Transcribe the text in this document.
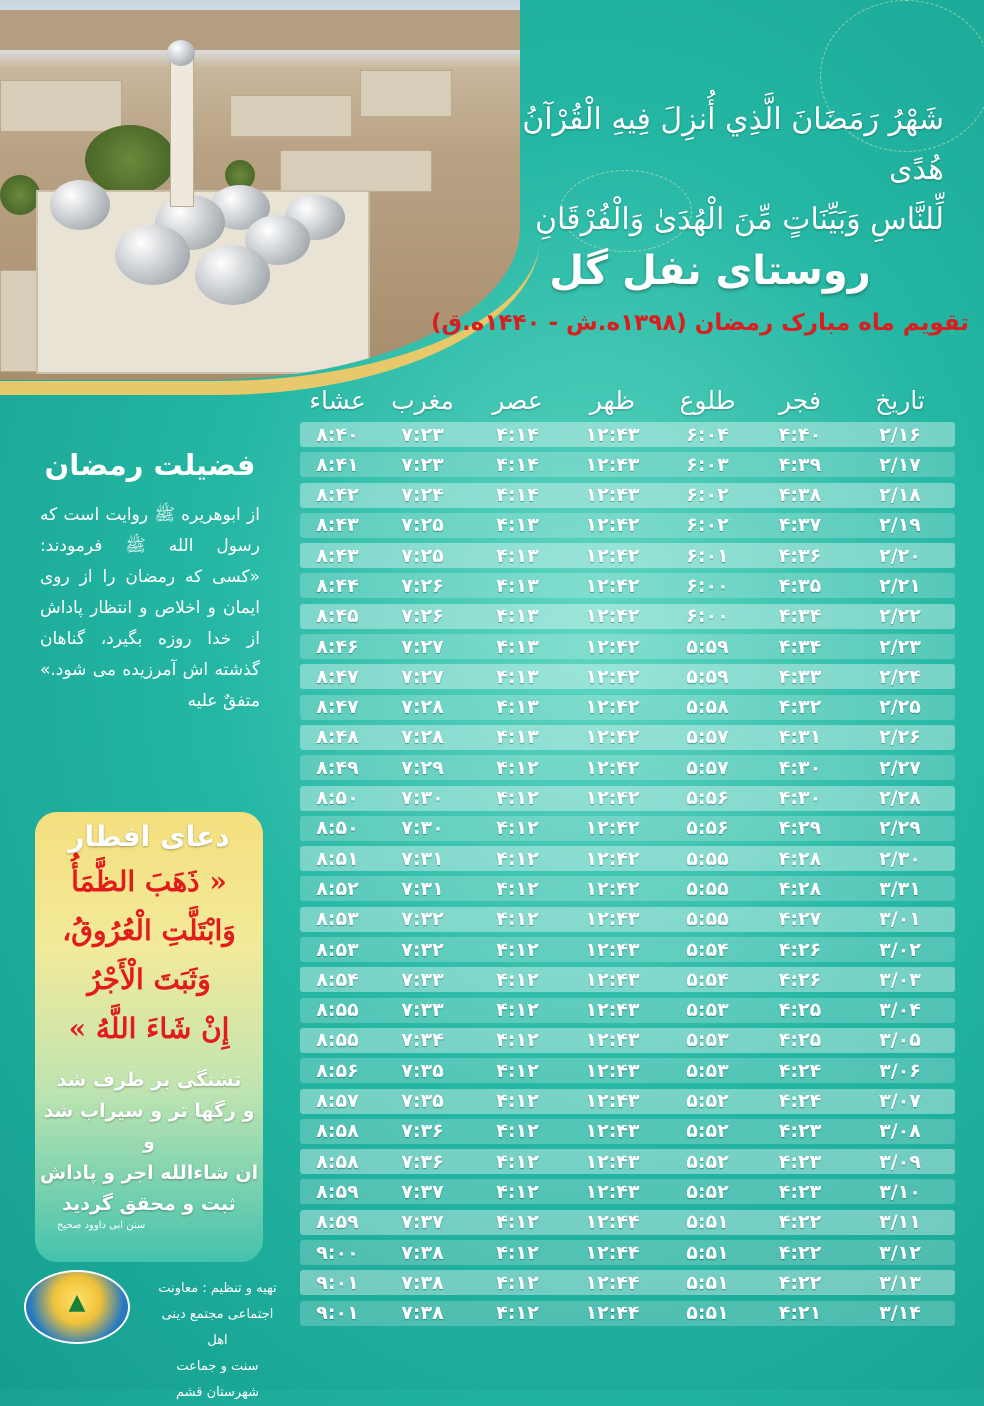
شَهْرُ رَمَضَانَ الَّذِي أُنزِلَ فِيهِ الْقُرْآنُ هُدًى
لِّلنَّاسِ وَبَيِّنَاتٍ مِّنَ الْهُدَىٰ وَالْفُرْقَانِ
روستای نفل گل
تقویم ماه مبارک رمضان (۱۳۹۸ه.ش - ۱۴۴۰ه.ق)
تاریخ
فجر
طلوع
ظهر
عصر
مغرب
عشاء
۲/۱۶
۴:۴۰
۶:۰۴
۱۲:۴۳
۴:۱۴
۷:۲۳
۸:۴۰
۲/۱۷
۴:۳۹
۶:۰۳
۱۲:۴۳
۴:۱۴
۷:۲۳
۸:۴۱
۲/۱۸
۴:۳۸
۶:۰۲
۱۲:۴۳
۴:۱۴
۷:۲۴
۸:۴۲
۲/۱۹
۴:۳۷
۶:۰۲
۱۲:۴۲
۴:۱۳
۷:۲۵
۸:۴۳
۲/۲۰
۴:۳۶
۶:۰۱
۱۲:۴۲
۴:۱۳
۷:۲۵
۸:۴۳
۲/۲۱
۴:۳۵
۶:۰۰
۱۲:۴۲
۴:۱۳
۷:۲۶
۸:۴۴
۲/۲۲
۴:۳۴
۶:۰۰
۱۲:۴۲
۴:۱۳
۷:۲۶
۸:۴۵
۲/۲۳
۴:۳۴
۵:۵۹
۱۲:۴۲
۴:۱۳
۷:۲۷
۸:۴۶
۲/۲۴
۴:۳۳
۵:۵۹
۱۲:۴۲
۴:۱۳
۷:۲۷
۸:۴۷
۲/۲۵
۴:۳۲
۵:۵۸
۱۲:۴۲
۴:۱۳
۷:۲۸
۸:۴۷
۲/۲۶
۴:۳۱
۵:۵۷
۱۲:۴۲
۴:۱۳
۷:۲۸
۸:۴۸
۲/۲۷
۴:۳۰
۵:۵۷
۱۲:۴۲
۴:۱۲
۷:۲۹
۸:۴۹
۲/۲۸
۴:۳۰
۵:۵۶
۱۲:۴۲
۴:۱۲
۷:۳۰
۸:۵۰
۲/۲۹
۴:۲۹
۵:۵۶
۱۲:۴۲
۴:۱۲
۷:۳۰
۸:۵۰
۲/۳۰
۴:۲۸
۵:۵۵
۱۲:۴۲
۴:۱۲
۷:۳۱
۸:۵۱
۳/۳۱
۴:۲۸
۵:۵۵
۱۲:۴۲
۴:۱۲
۷:۳۱
۸:۵۲
۳/۰۱
۴:۲۷
۵:۵۵
۱۲:۴۳
۴:۱۲
۷:۳۲
۸:۵۳
۳/۰۲
۴:۲۶
۵:۵۴
۱۲:۴۳
۴:۱۲
۷:۳۲
۸:۵۳
۳/۰۳
۴:۲۶
۵:۵۴
۱۲:۴۳
۴:۱۲
۷:۳۳
۸:۵۴
۳/۰۴
۴:۲۵
۵:۵۳
۱۲:۴۳
۴:۱۲
۷:۳۳
۸:۵۵
۳/۰۵
۴:۲۵
۵:۵۳
۱۲:۴۳
۴:۱۲
۷:۳۴
۸:۵۵
۳/۰۶
۴:۲۴
۵:۵۳
۱۲:۴۳
۴:۱۲
۷:۳۵
۸:۵۶
۳/۰۷
۴:۲۴
۵:۵۲
۱۲:۴۳
۴:۱۲
۷:۳۵
۸:۵۷
۳/۰۸
۴:۲۳
۵:۵۲
۱۲:۴۳
۴:۱۲
۷:۳۶
۸:۵۸
۳/۰۹
۴:۲۳
۵:۵۲
۱۲:۴۳
۴:۱۲
۷:۳۶
۸:۵۸
۳/۱۰
۴:۲۳
۵:۵۲
۱۲:۴۳
۴:۱۲
۷:۳۷
۸:۵۹
۳/۱۱
۴:۲۲
۵:۵۱
۱۲:۴۴
۴:۱۲
۷:۳۷
۸:۵۹
۳/۱۲
۴:۲۲
۵:۵۱
۱۲:۴۴
۴:۱۲
۷:۳۸
۹:۰۰
۳/۱۳
۴:۲۲
۵:۵۱
۱۲:۴۴
۴:۱۲
۷:۳۸
۹:۰۱
۳/۱۴
۴:۲۱
۵:۵۱
۱۲:۴۴
۴:۱۲
۷:۳۸
۹:۰۱
فضیلت رمضان

از ابوهریره ﷺ روایت است که رسول الله ﷺ فرمودند: «کسی که رمضان را از روی ایمان و اخلاص و انتظار پاداش از خدا روزه بگیرد، گناهان گذشته اش آمرزیده می شود.» متفقٌ علیه

دعای افطار
« ذَهَبَ الظَّمَأُ
وَابْتَلَّتِ الْعُرُوقُ،
وَثَبَتَ الْأَجْرُ
إِنْ شَاءَ اللَّهُ »
تشنگی بر طرف شد
و رگها تر و سیراب شد و
ان شاءالله اجر و پاداش
ثبت و محقق گردید
سنن ابی داوود صحیح
▲
تهیه و تنظیم : معاونت
اجتماعی مجتمع دینی اهل
سنت و جماعت شهرستان قشم
